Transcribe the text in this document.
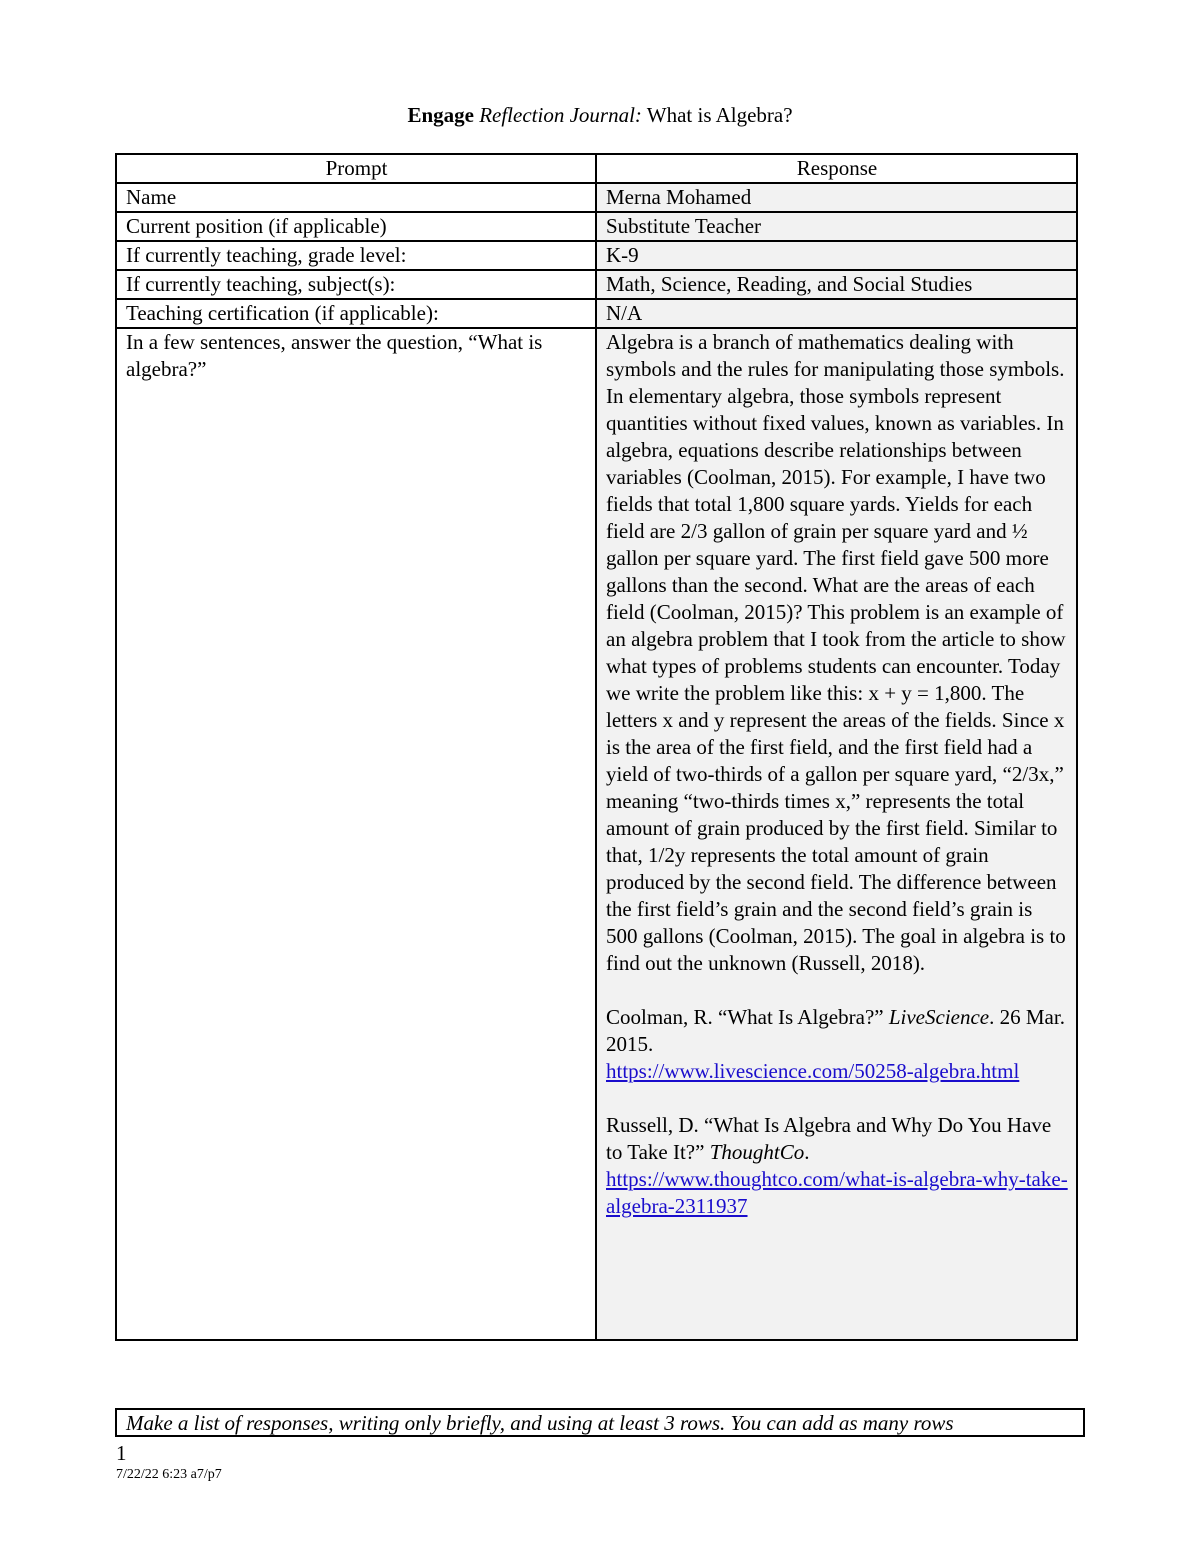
Engage Reflection Journal: What is Algebra?
Prompt	Response
Name	Merna Mohamed
Current position (if applicable)	Substitute Teacher
If currently teaching, grade level:	K-9
If currently teaching, subject(s):	Math, Science, Reading, and Social Studies
Teaching certification (if applicable):	N/A
In a few sentences, answer the question, “What is algebra?”	Algebra is a branch of mathematics dealing with symbols and the rules for manipulating those symbols. In elementary algebra, those symbols represent quantities without fixed values, known as variables. In algebra, equations describe relationships between variables (Coolman, 2015). For example, I have two fields that total 1,800 square yards. Yields for each field are 2/3 gallon of grain per square yard and ½ gallon per square yard. The first field gave 500 more gallons than the second. What are the areas of each field (Coolman, 2015)? This problem is an example of an algebra problem that I took from the article to show what types of problems students can encounter. Today we write the problem like this: x + y = 1,800. The letters x and y represent the areas of the fields. Since x is the area of the first field, and the first field had a yield of two-thirds of a gallon per square yard, “2/3x,” meaning “two-thirds times x,” represents the total amount of grain produced by the first field. Similar to that, 1/2y represents the total amount of grain produced by the second field. The difference between the first field’s grain and the second field’s grain is 500 gallons (Coolman, 2015). The goal in algebra is to find out the unknown (Russell, 2018).

Coolman, R. “What Is Algebra?” LiveScience. 26 Mar. 2015.
https://www.livescience.com/50258-algebra.html

Russell, D. “What Is Algebra and Why Do You Have to Take It?” ThoughtCo.
https://www.thoughtco.com/what-is-algebra-why-take-algebra-2311937

Make a list of responses, writing only briefly, and using at least 3 rows. You can add as many rows
1
7/22/22 6:23 a7/p7
